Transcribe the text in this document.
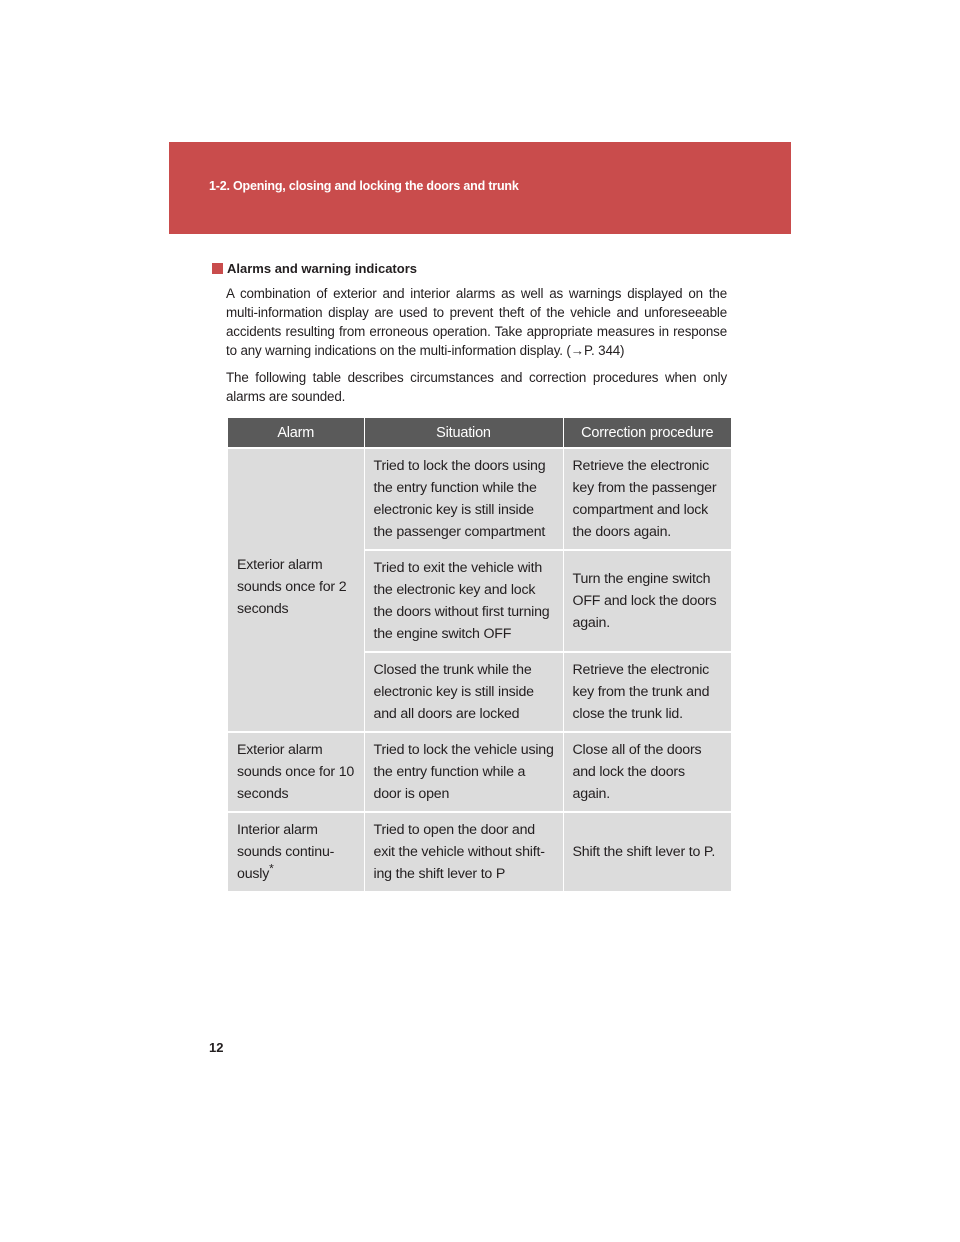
1-2. Opening, closing and locking the doors and trunk
Alarms and warning indicators

A combination of exterior and interior alarms as well as warnings displayed on the multi-information display are used to prevent theft of the vehicle and unforeseeable accidents resulting from erroneous operation. Take appropriate measures in response to any warning indications on the multi-information display. (→P. 344)

The following table describes circumstances and correction procedures when only alarms are sounded.

Alarm	Situation	Correction procedure
Exterior alarm sounds once for 2 seconds	Tried to lock the doors using the entry function while the electronic key is still inside the passenger compartment	Retrieve the electronic key from the passenger compartment and lock the doors again.
	Tried to exit the vehicle with the electronic key and lock the doors without first turning the engine switch OFF	Turn the engine switch OFF and lock the doors again.
	Closed the trunk while the electronic key is still inside and all doors are locked	Retrieve the electronic key from the trunk and close the trunk lid.
Exterior alarm sounds once for 10 seconds	Tried to lock the vehicle using the entry function while a door is open	Close all of the doors and lock the doors again.
Interior alarm sounds continu-ously*	Tried to open the door and exit the vehicle without shift-ing the shift lever to P	Shift the shift lever to P.
12
